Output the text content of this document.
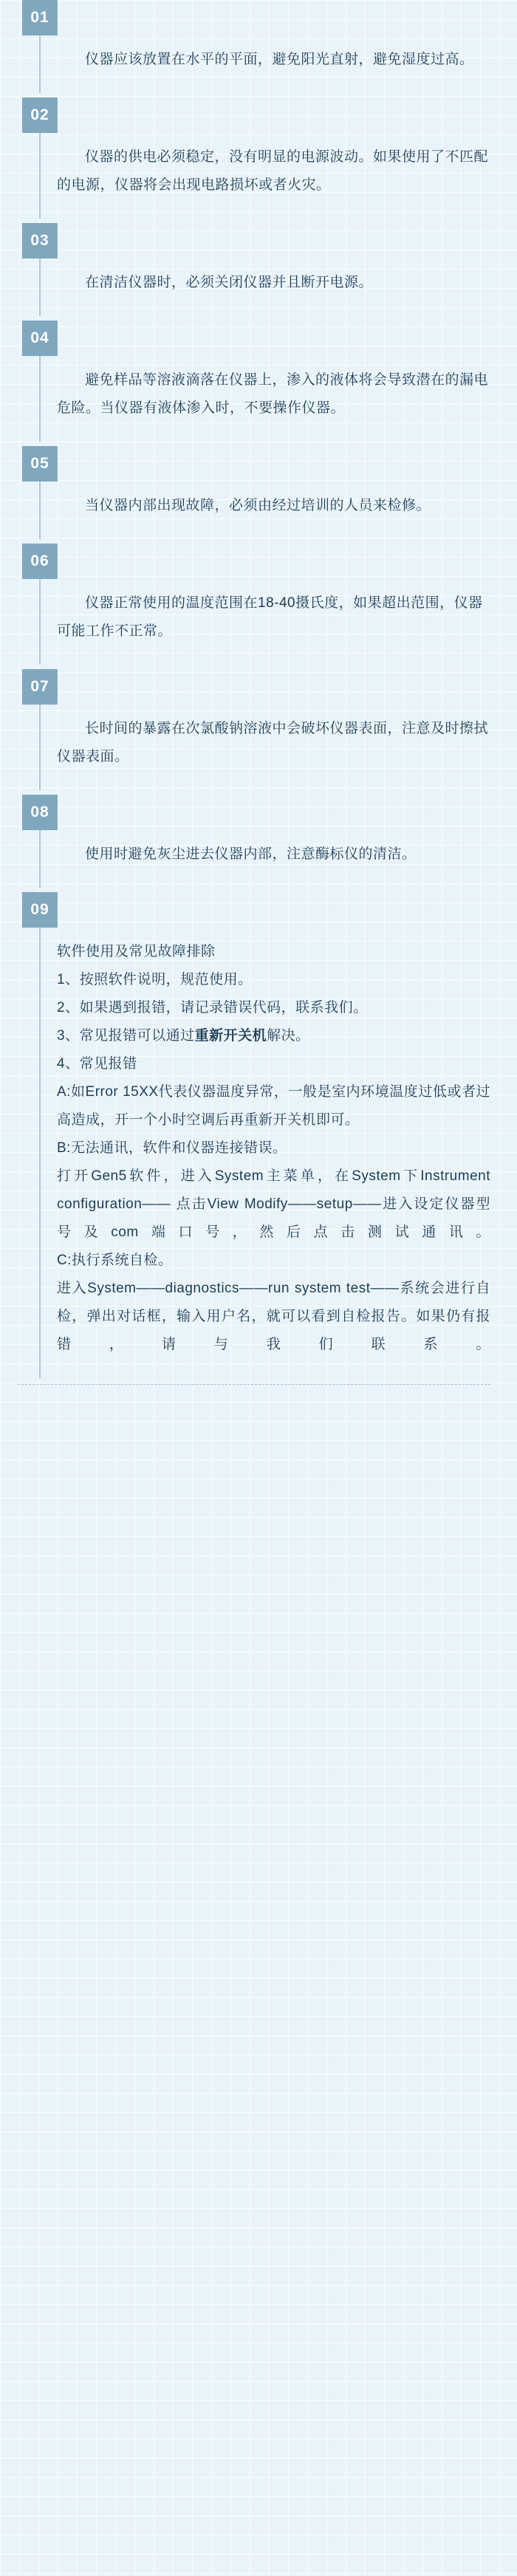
01

仪器应该放置在水平的平面，避免阳光直射，避免湿度过高。

02

仪器的供电必须稳定，没有明显的电源波动。如果使用了不匹配的电源，仪器将会出现电路损坏或者火灾。

03

在清洁仪器时，必须关闭仪器并且断开电源。

04

避免样品等溶液滴落在仪器上，渗入的液体将会导致潜在的漏电危险。当仪器有液体渗入时，不要操作仪器。

05

当仪器内部出现故障，必须由经过培训的人员来检修。

06

仪器正常使用的温度范围在18-40摄氏度，如果超出范围，仪器可能工作不正常。

07

长时间的暴露在次氯酸钠溶液中会破坏仪器表面，注意及时擦拭仪器表面。

08

使用时避免灰尘进去仪器内部，注意酶标仪的清洁。

09

软件使用及常见故障排除

1、按照软件说明，规范使用。

2、如果遇到报错，请记录错误代码，联系我们。

3、常见报错可以通过重新开关机解决。

4、常见报错

A:如Error 15XX代表仪器温度异常，一般是室内环境温度过低或者过高造成，开一个小时空调后再重新开关机即可。

B:无法通讯，软件和仪器连接错误。

打开Gen5软件，进入System主菜单，在System下Instrument configuration—— 点击View Modify——setup——进入设定仪器型号及com端口号，然后点击测试通讯。

C:执行系统自检。

进入System——diagnostics——run system test——系统会进行自检，弹出对话框，输入用户名，就可以看到自检报告。如果仍有报错，请与我们联系。
